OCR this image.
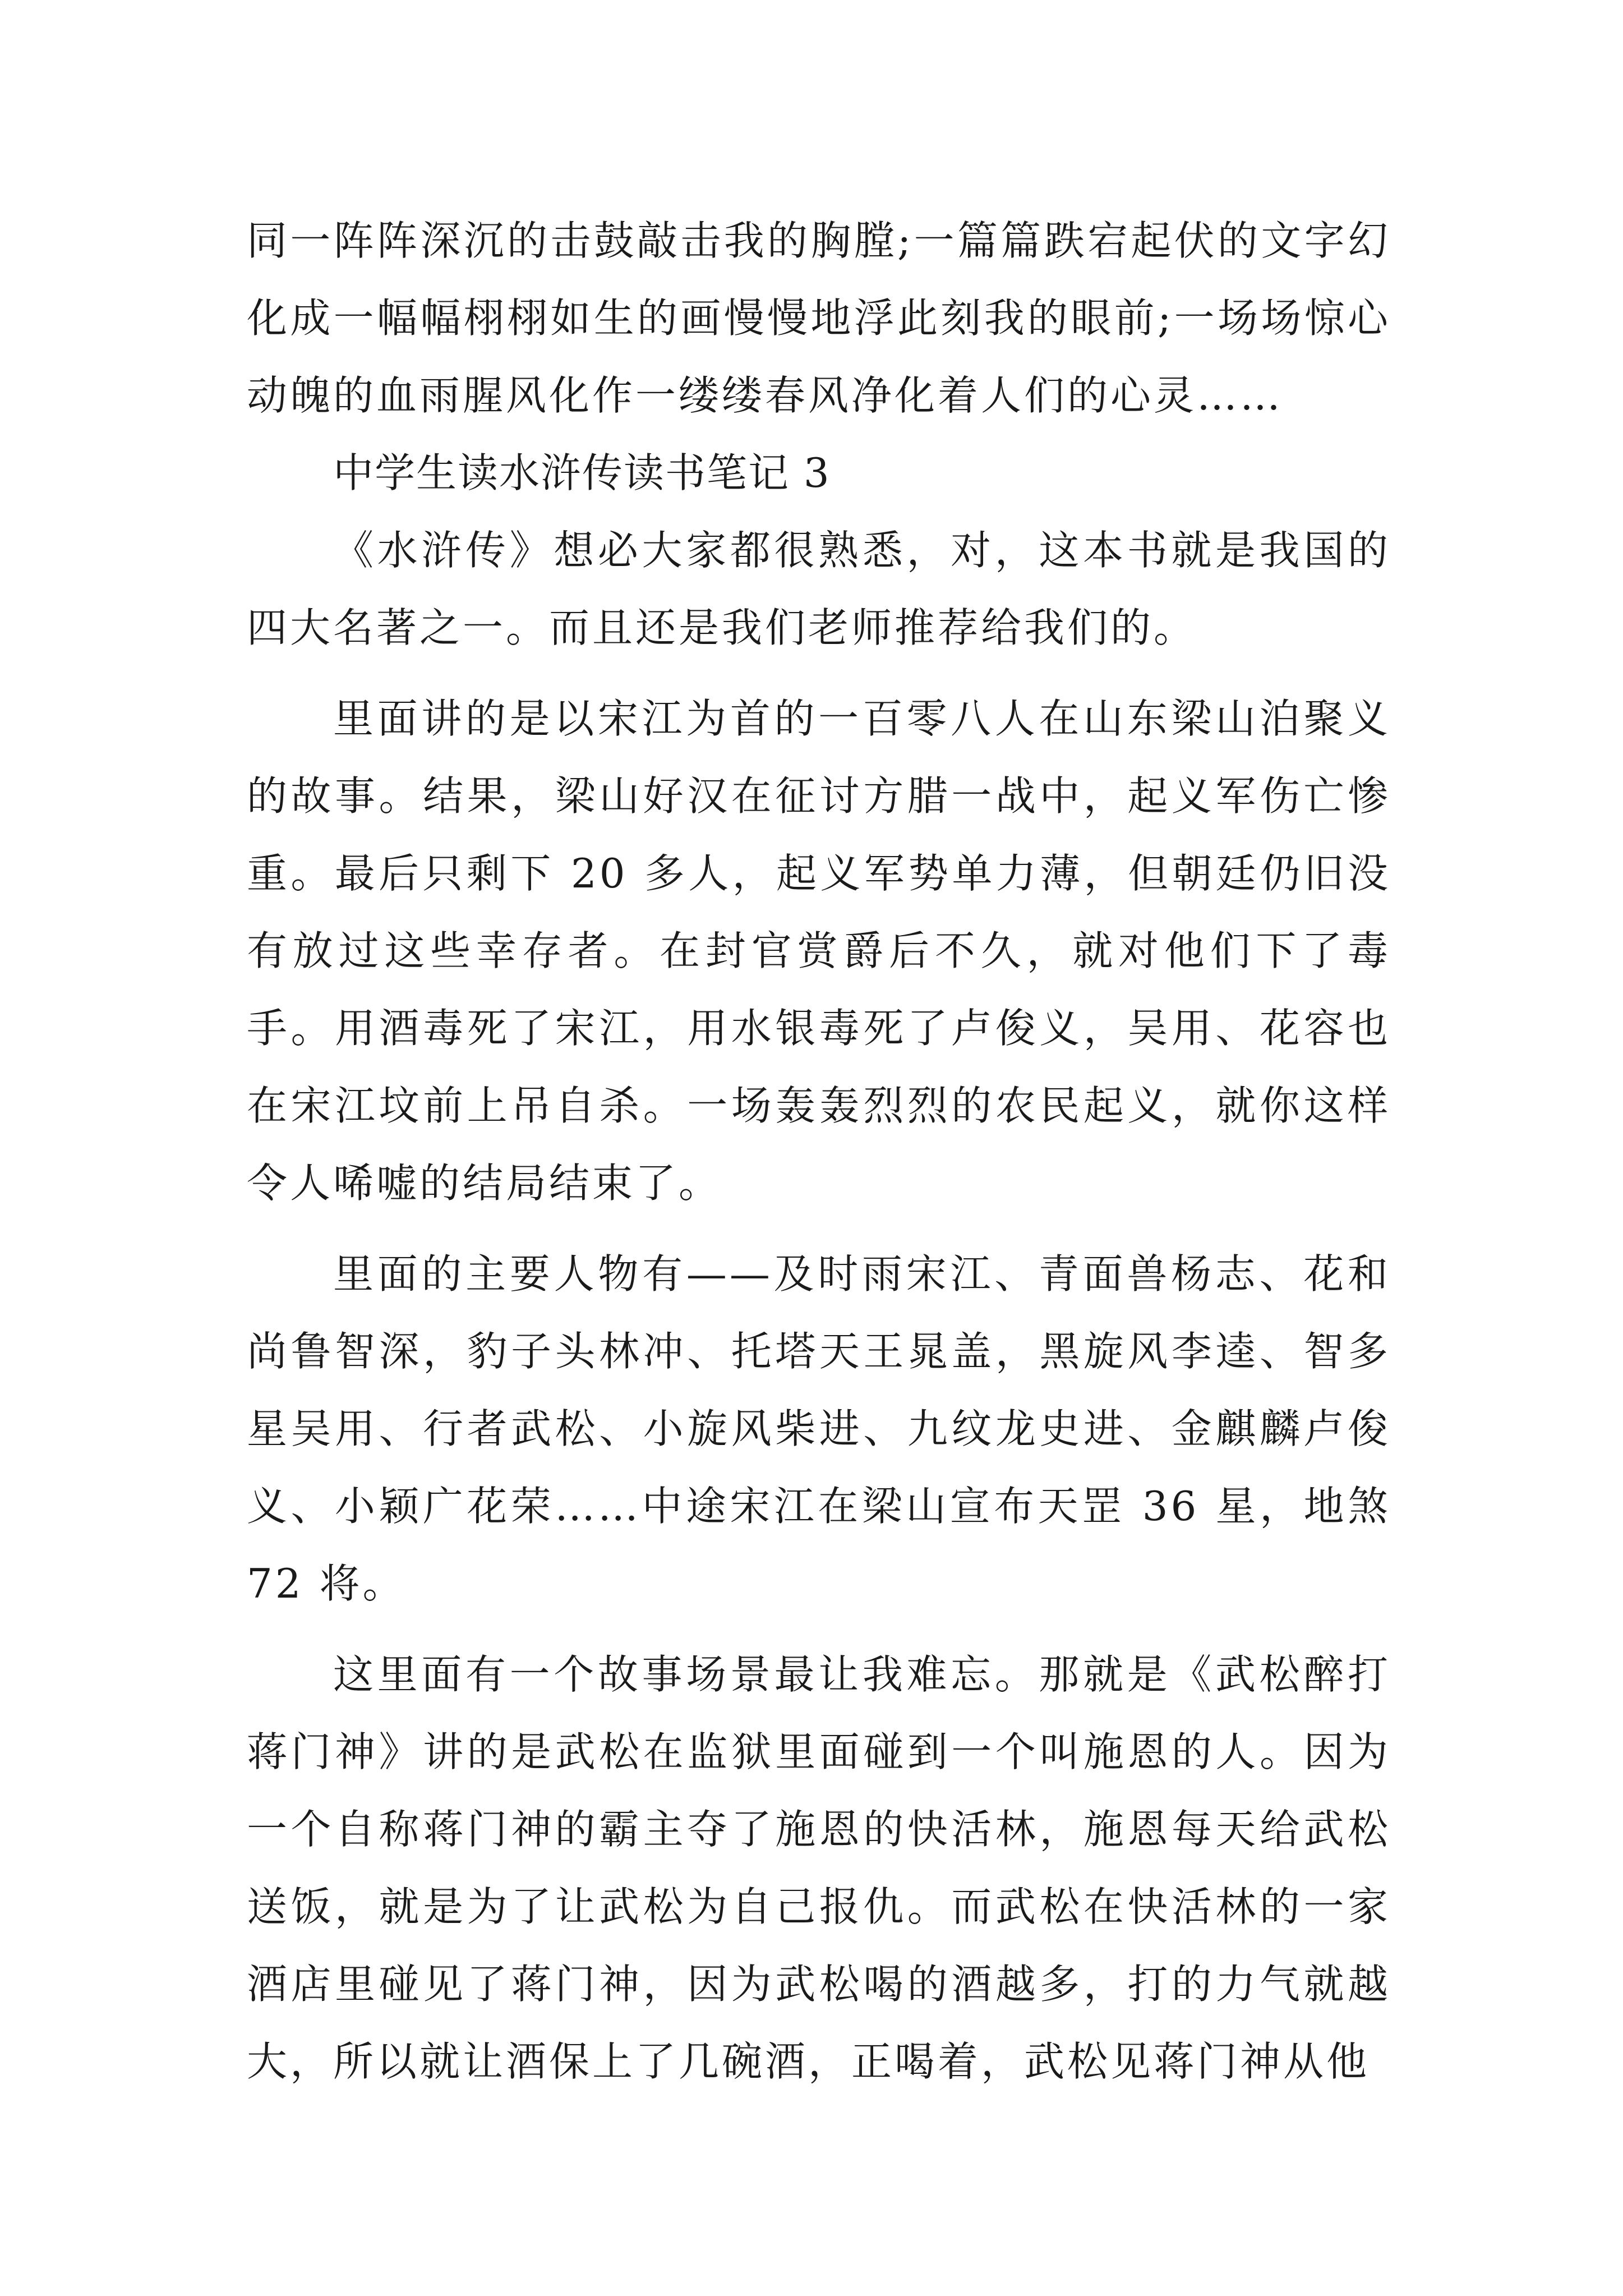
同一阵阵深沉的击鼓敲击我的胸膛;一篇篇跌宕起伏的文字幻化成一幅幅栩栩如生的画慢慢地浮此刻我的眼前;一场场惊心动魄的血雨腥风化作一缕缕春风净化着人们的心灵……

中学生读水浒传读书笔记 3

《水浒传》想必大家都很熟悉，对，这本书就是我国的四大名著之一。而且还是我们老师推荐给我们的。

里面讲的是以宋江为首的一百零八人在山东梁山泊聚义的故事。结果，梁山好汉在征讨方腊一战中，起义军伤亡惨重。最后只剩下 20 多人，起义军势单力薄，但朝廷仍旧没有放过这些幸存者。在封官赏爵后不久，就对他们下了毒手。用酒毒死了宋江，用水银毒死了卢俊义，吴用、花容也在宋江坟前上吊自杀。一场轰轰烈烈的农民起义，就你这样令人唏嘘的结局结束了。

里面的主要人物有——及时雨宋江、青面兽杨志、花和尚鲁智深，豹子头林冲、托塔天王晁盖，黑旋风李逵、智多星吴用、行者武松、小旋风柴进、九纹龙史进、金麒麟卢俊义、小颖广花荣……中途宋江在梁山宣布天罡 36 星，地煞 72 将。

这里面有一个故事场景最让我难忘。那就是《武松醉打蒋门神》讲的是武松在监狱里面碰到一个叫施恩的人。因为一个自称蒋门神的霸主夺了施恩的快活林，施恩每天给武松送饭，就是为了让武松为自己报仇。而武松在快活林的一家酒店里碰见了蒋门神，因为武松喝的酒越多，打的力气就越大，所以就让酒保上了几碗酒，正喝着，武松见蒋门神从他
